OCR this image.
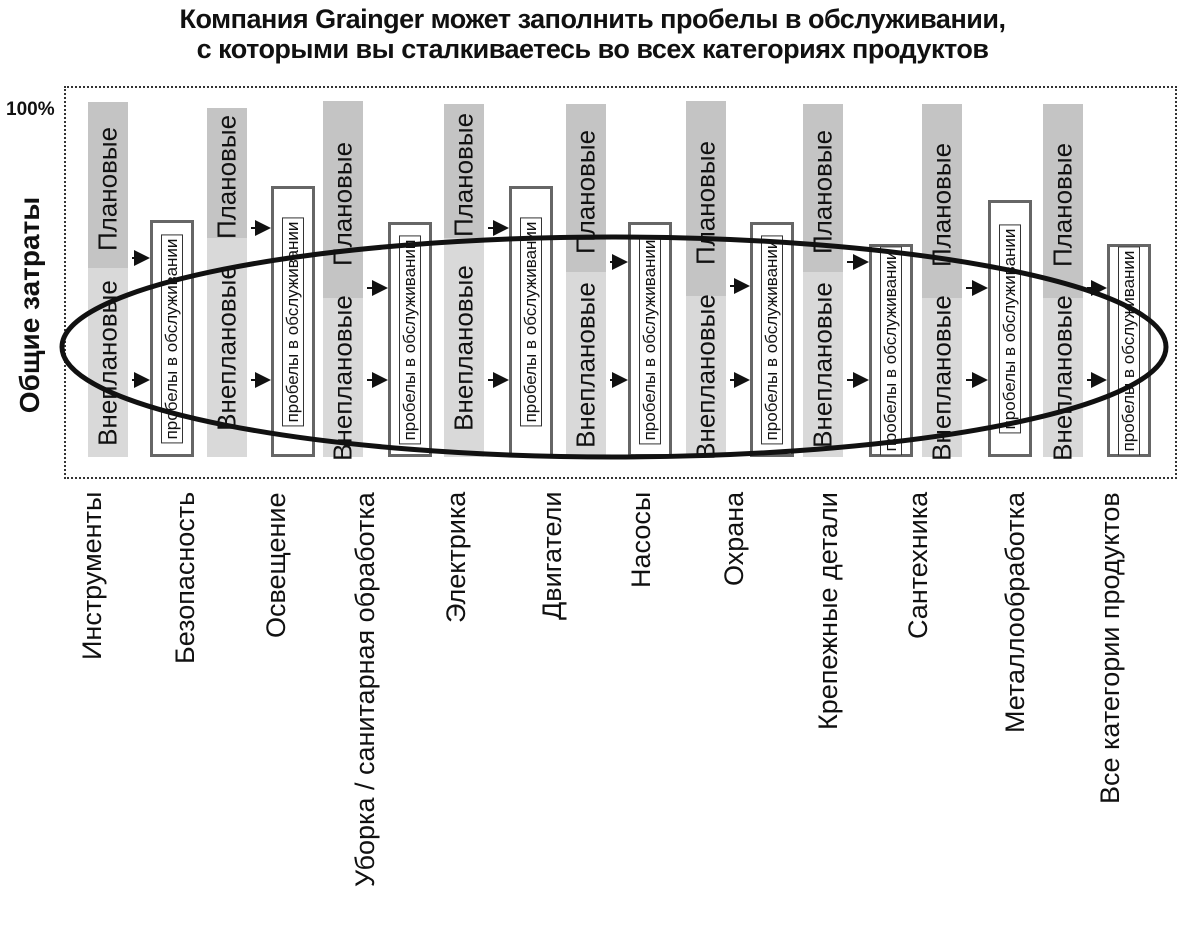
Компания Grainger может заполнить пробелы в обслуживании,
с которыми вы сталкиваетесь во всех категориях продуктов
Общие затраты
100%
Плановые
Внеплановые
Плановые
Внеплановые
Плановые
Внеплановые
Плановые
Внеплановые
Плановые
Внеплановые
Плановые
Внеплановые
Плановые
Внеплановые
Плановые
Внеплановые
Плановые
Внеплановые
пробелы в обслуживании	пробелы в обслуживании	пробелы в обслуживании	пробелы в обслуживании	пробелы в обслуживании	пробелы в обслуживании	пробелы в обслуживании	пробелы в обслуживании	пробелы в обслуживании
Инструменты Безопасность Освещение Уборка / санитарная обработка Электрика Двигатели Насосы Охрана Крепежные детали Сантехника Металлообработка Все категории продуктов
